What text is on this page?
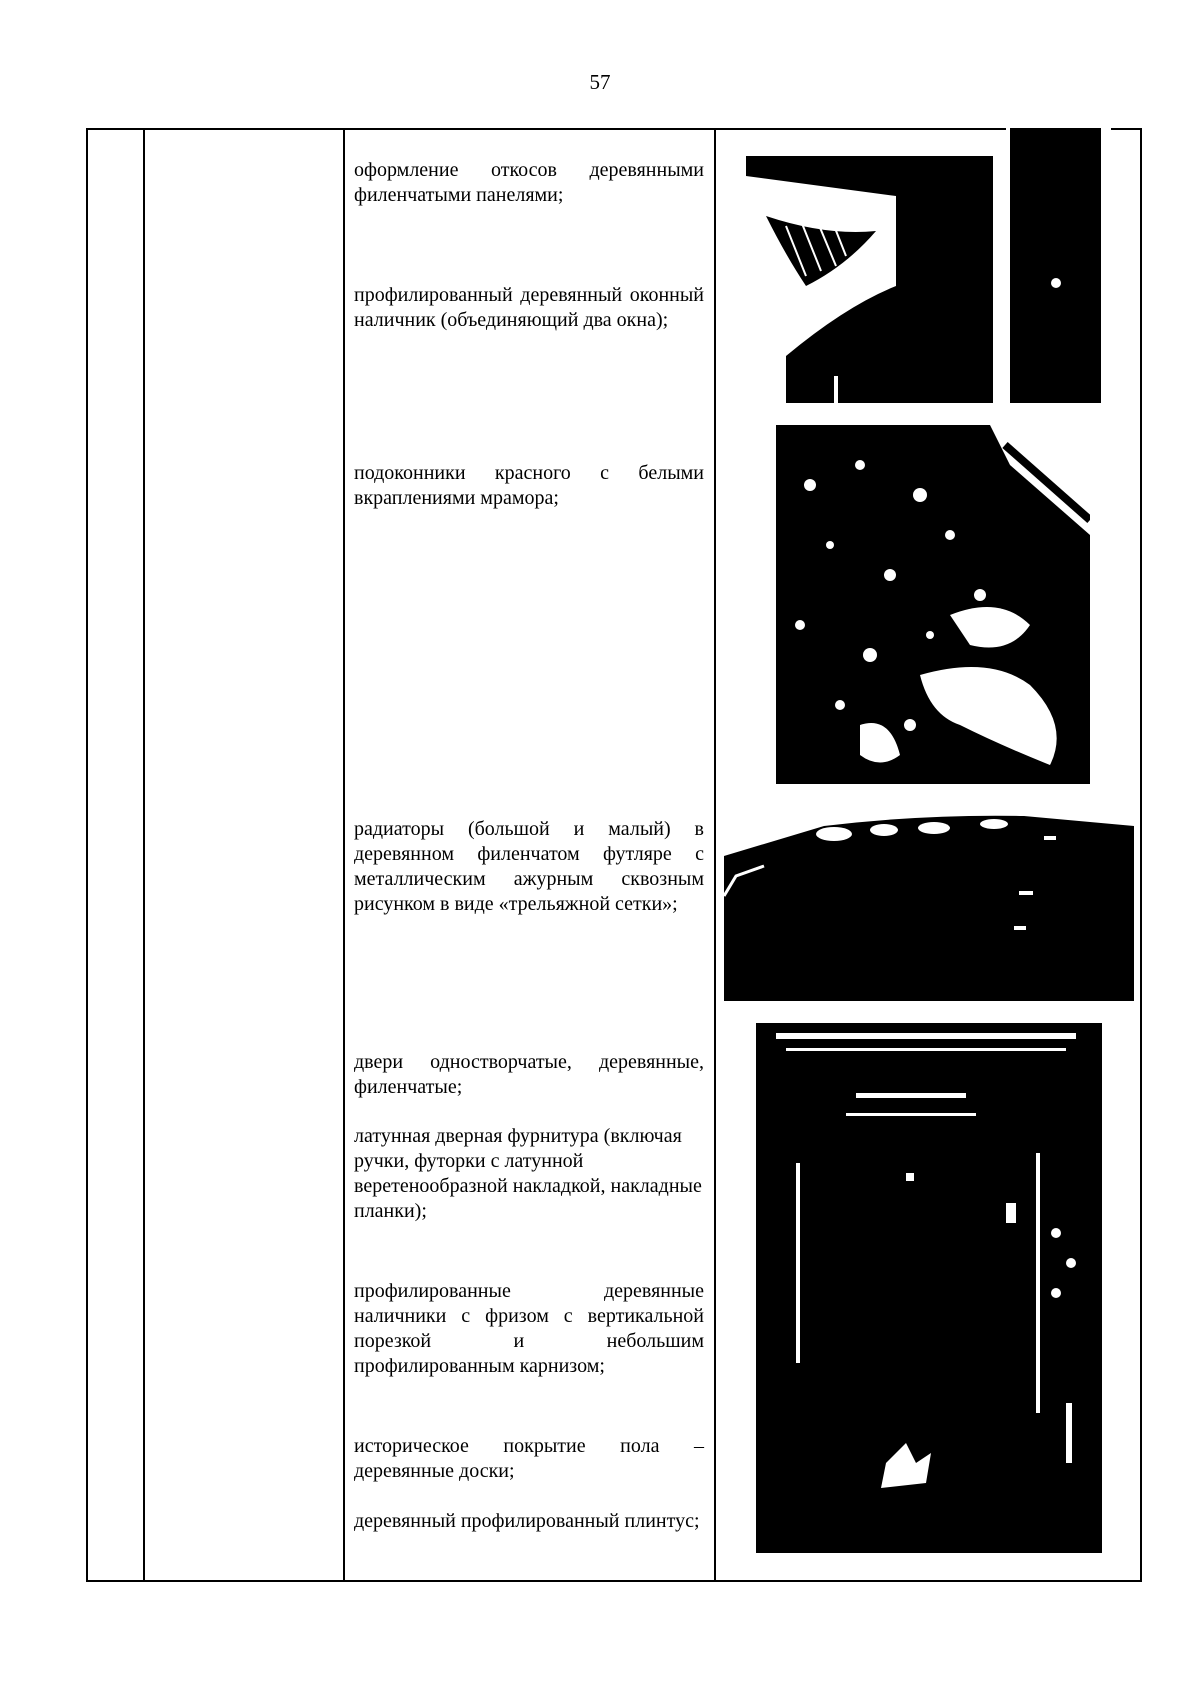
57
оформление откосов деревянными филенчатыми панелями;
профилированный деревянный оконный наличник (объединяющий два окна);
подоконники красного с белыми вкраплениями мрамора;
радиаторы (большой и малый) в деревянном филенчатом футляре с металлическим ажурным сквозным рисунком в виде «трельяжной сетки»;
двери одностворчатые, деревянные, филенчатые;
латунная дверная фурнитура (включая ручки, футорки с латунной веретенообразной накладкой, накладные планки);
профилированные деревянные наличники с фризом с вертикальной порезкой и небольшим профилированным карнизом;
историческое покрытие пола – деревянные доски;
деревянный профилированный плинтус;
